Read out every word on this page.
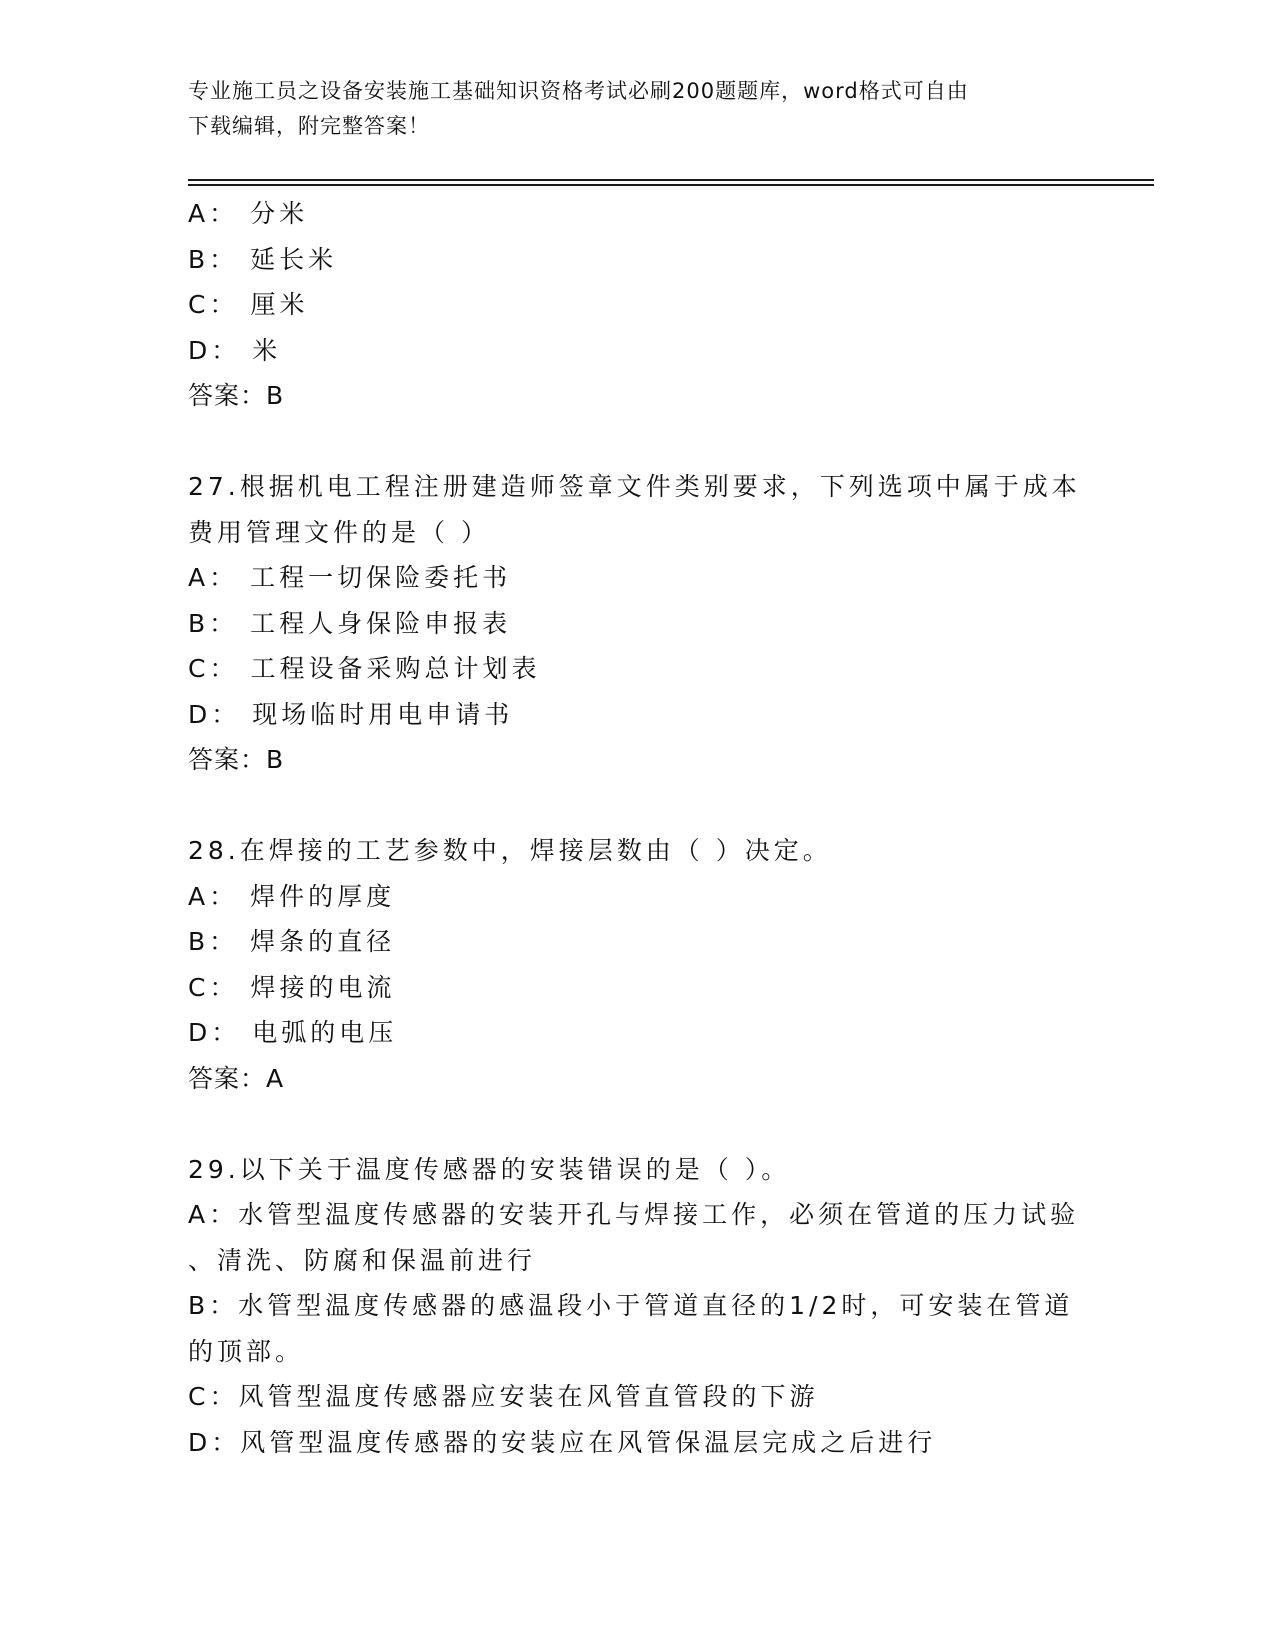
专业施工员之设备安装施工基础知识资格考试必刷200题题库，word格式可自由
下载编辑，附完整答案！
A： 分米
B： 延长米
C： 厘米
D： 米
答案：B
27.根据机电工程注册建造师签章文件类别要求，下列选项中属于成本
费用管理文件的是（ ）
A： 工程一切保险委托书
B： 工程人身保险申报表
C： 工程设备采购总计划表
D： 现场临时用电申请书
答案：B
28.在焊接的工艺参数中，焊接层数由（ ）决定。
A： 焊件的厚度
B： 焊条的直径
C： 焊接的电流
D： 电弧的电压
答案：A
29.以下关于温度传感器的安装错误的是（ ）。
A：水管型温度传感器的安装开孔与焊接工作，必须在管道的压力试验
、清洗、防腐和保温前进行
B：水管型温度传感器的感温段小于管道直径的1/2时，可安装在管道
的顶部。
C：风管型温度传感器应安装在风管直管段的下游
D：风管型温度传感器的安装应在风管保温层完成之后进行
